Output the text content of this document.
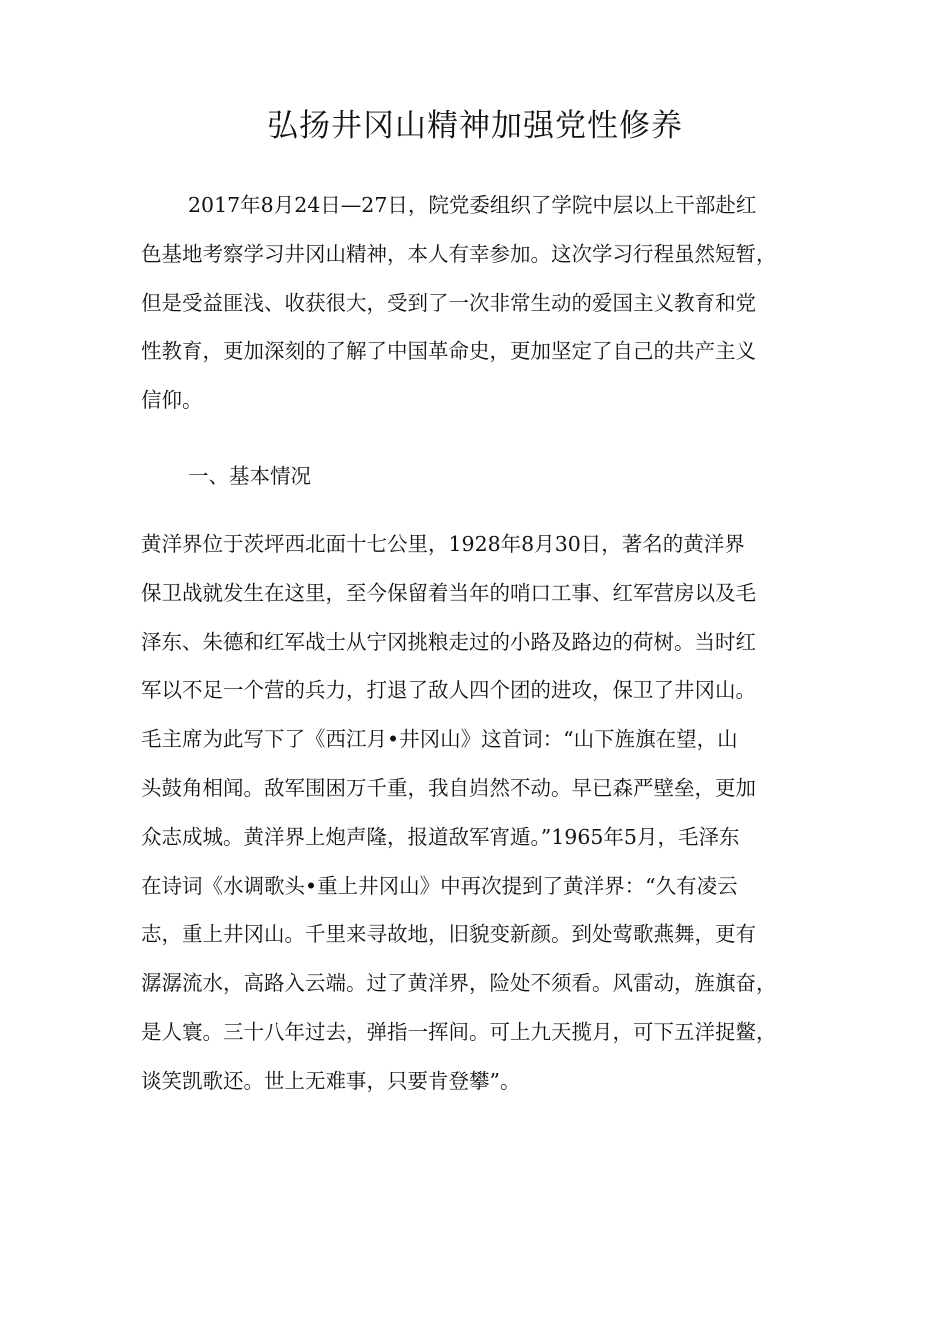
弘扬井冈山精神加强党性修养
2017年8月24日—27日，院党委组织了学院中层以上干部赴红
色基地考察学习井冈山精神，本人有幸参加。这次学习行程虽然短暂，
但是受益匪浅、收获很大，受到了一次非常生动的爱国主义教育和党
性教育，更加深刻的了解了中国革命史，更加坚定了自己的共产主义
信仰。

一、基本情况

黄洋界位于茨坪西北面十七公里，1928年8月30日，著名的黄洋界
保卫战就发生在这里，至今保留着当年的哨口工事、红军营房以及毛
泽东、朱德和红军战士从宁冈挑粮走过的小路及路边的荷树。当时红
军以不足一个营的兵力，打退了敌人四个团的进攻，保卫了井冈山。
毛主席为此写下了《西江月•井冈山》这首词：“山下旌旗在望，山
头鼓角相闻。敌军围困万千重，我自岿然不动。早已森严壁垒，更加
众志成城。黄洋界上炮声隆，报道敌军宵遁。”1965年5月，毛泽东
在诗词《水调歌头•重上井冈山》中再次提到了黄洋界：“久有凌云
志，重上井冈山。千里来寻故地，旧貌变新颜。到处莺歌燕舞，更有
潺潺流水，高路入云端。过了黄洋界，险处不须看。风雷动，旌旗奋，
是人寰。三十八年过去，弹指一挥间。可上九天揽月，可下五洋捉鳖，
谈笑凯歌还。世上无难事，只要肯登攀”。
